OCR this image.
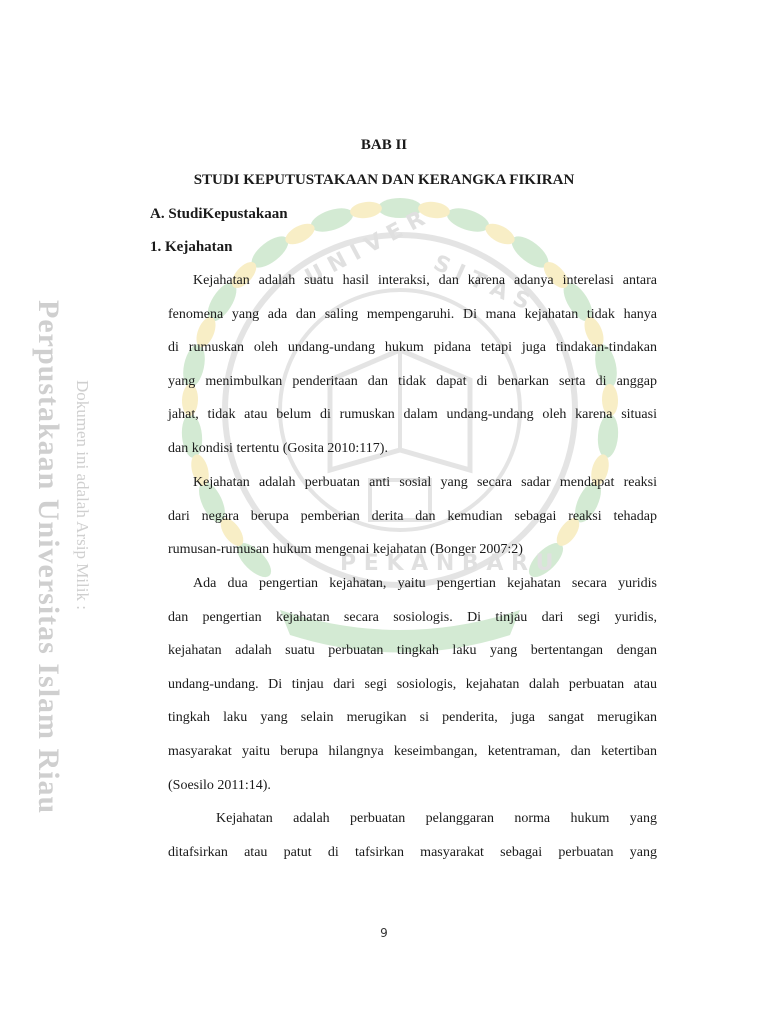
U N I V E R S I T A S
P E K A N B A R U
Perpustakaan Universitas Islam Riau Dokumen ini adalah Arsip Milik :
BAB II
STUDI KEPUTUSTAKAAN DAN KERANGKA FIKIRAN
A. StudiKepustakaan
1. Kejahatan
Kejahatan adalah suatu hasil interaksi, dan karena adanya interelasi antara
fenomena yang ada dan saling mempengaruhi. Di mana kejahatan tidak hanya
di rumuskan oleh undang-undang hukum pidana tetapi juga tindakan-tindakan
yang menimbulkan penderitaan dan tidak dapat di benarkan serta di anggap
jahat, tidak atau belum di rumuskan dalam undang-undang oleh karena situasi
dan kondisi tertentu (Gosita 2010:117).
Kejahatan adalah perbuatan anti sosial yang secara sadar mendapat reaksi
dari negara berupa pemberian derita dan kemudian sebagai reaksi tehadap
rumusan-rumusan hukum mengenai kejahatan (Bonger 2007:2)
Ada dua pengertian kejahatan, yaitu pengertian kejahatan secara yuridis
dan pengertian kejahatan secara sosiologis. Di tinjau dari segi yuridis,
kejahatan adalah suatu perbuatan tingkah laku yang bertentangan dengan
undang-undang. Di tinjau dari segi sosiologis, kejahatan dalah perbuatan atau
tingkah laku yang selain merugikan si penderita, juga sangat merugikan
masyarakat yaitu berupa hilangnya keseimbangan, ketentraman, dan ketertiban
(Soesilo 2011:14).
Kejahatan adalah perbuatan pelanggaran norma hukum yang
ditafsirkan atau patut di tafsirkan masyarakat sebagai perbuatan yang
9
